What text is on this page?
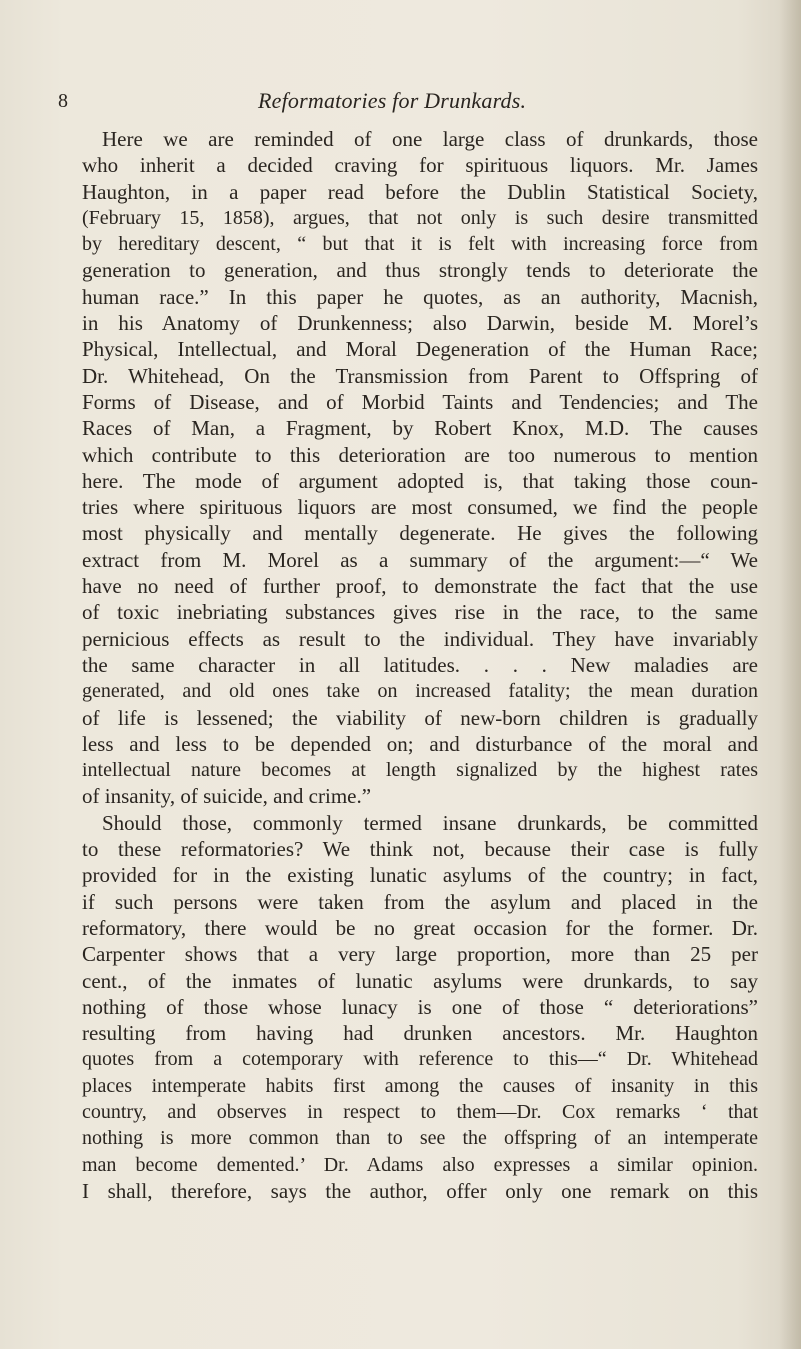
8	Reformatories for Drunkards.
Here we are reminded of one large class of drunkards, those
who inherit a decided craving for spirituous liquors. Mr. James
Haughton, in a paper read before the Dublin Statistical Society,
(February 15, 1858), argues, that not only is such desire transmitted
by hereditary descent, “ but that it is felt with increasing force from
generation to generation, and thus strongly tends to deteriorate the
human race.” In this paper he quotes, as an authority, Macnish,
in his Anatomy of Drunkenness; also Darwin, beside M. Morel’s
Physical, Intellectual, and Moral Degeneration of the Human Race;
Dr. Whitehead, On the Transmission from Parent to Offspring of
Forms of Disease, and of Morbid Taints and Tendencies; and The
Races of Man, a Fragment, by Robert Knox, M.D. The causes
which contribute to this deterioration are too numerous to mention
here. The mode of argument adopted is, that taking those coun-
tries where spirituous liquors are most consumed, we find the people
most physically and mentally degenerate. He gives the following
extract from M. Morel as a summary of the argument:—“ We
have no need of further proof, to demonstrate the fact that the use
of toxic inebriating substances gives rise in the race, to the same
pernicious effects as result to the individual. They have invariably
the same character in all latitudes. . . . New maladies are
generated, and old ones take on increased fatality; the mean duration
of life is lessened; the viability of new-born children is gradually
less and less to be depended on; and disturbance of the moral and
intellectual nature becomes at length signalized by the highest rates
of insanity, of suicide, and crime.”
Should those, commonly termed insane drunkards, be committed
to these reformatories? We think not, because their case is fully
provided for in the existing lunatic asylums of the country; in fact,
if such persons were taken from the asylum and placed in the
reformatory, there would be no great occasion for the former. Dr.
Carpenter shows that a very large proportion, more than 25 per
cent., of the inmates of lunatic asylums were drunkards, to say
nothing of those whose lunacy is one of those “ deteriorations”
resulting from having had drunken ancestors. Mr. Haughton
quotes from a cotemporary with reference to this—“ Dr. Whitehead
places intemperate habits first among the causes of insanity in this
country, and observes in respect to them—Dr. Cox remarks ‘ that
nothing is more common than to see the offspring of an intemperate
man become demented.’ Dr. Adams also expresses a similar opinion.
I shall, therefore, says the author, offer only one remark on this
